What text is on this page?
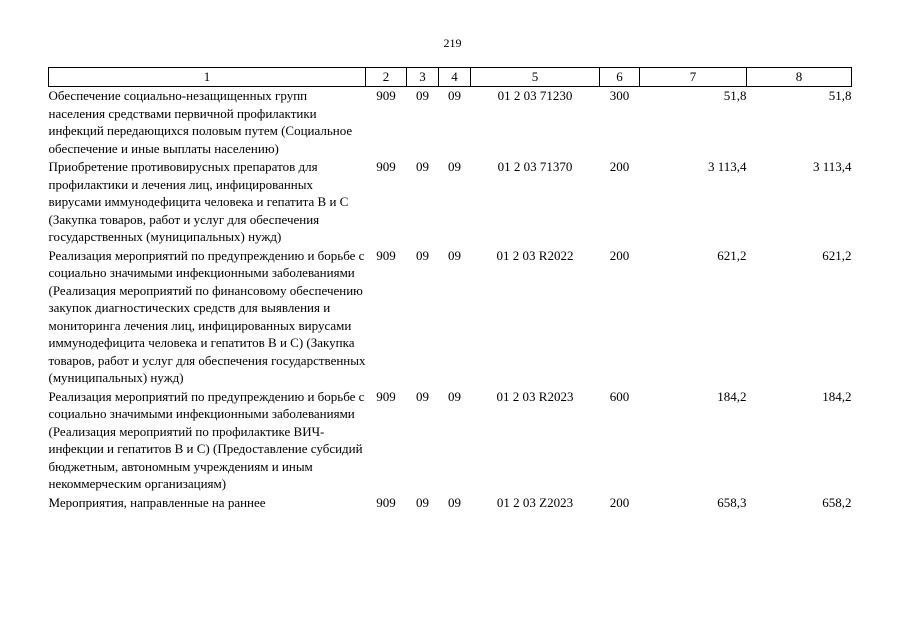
219
1	2	3	4	5	6	7	8
Обеспечение социально-незащищенных групп населения средствами первичной профилактики инфекций передающихся половым путем (Социальное обеспечение и иные выплаты населению)	909	09	09	01 2 03 71230	300	51,8	51,8
Приобретение противовирусных препаратов для профилактики и лечения лиц, инфицированных вирусами иммунодефицита человека и гепатита В и С (Закупка товаров, работ и услуг для обеспечения государственных (муниципальных) нужд)	909	09	09	01 2 03 71370	200	3 113,4	3 113,4
Реализация мероприятий по предупреждению и борьбе с социально значимыми инфекционными заболеваниями (Реализация мероприятий по финансовому обеспечению закупок диагностических средств для выявления и мониторинга лечения лиц, инфицированных вирусами иммунодефицита человека и гепатитов В и С) (Закупка товаров, работ и услуг для обеспечения государственных (муниципальных) нужд)	909	09	09	01 2 03 R2022	200	621,2	621,2
Реализация мероприятий по предупреждению и борьбе с социально значимыми инфекционными заболеваниями (Реализация мероприятий по профилактике ВИЧ-инфекции и гепатитов В и С) (Предоставление субсидий бюджетным, автономным учреждениям и иным некоммерческим организациям)	909	09	09	01 2 03 R2023	600	184,2	184,2
Мероприятия, направленные на раннее	909	09	09	01 2 03 Z2023	200	658,3	658,2
